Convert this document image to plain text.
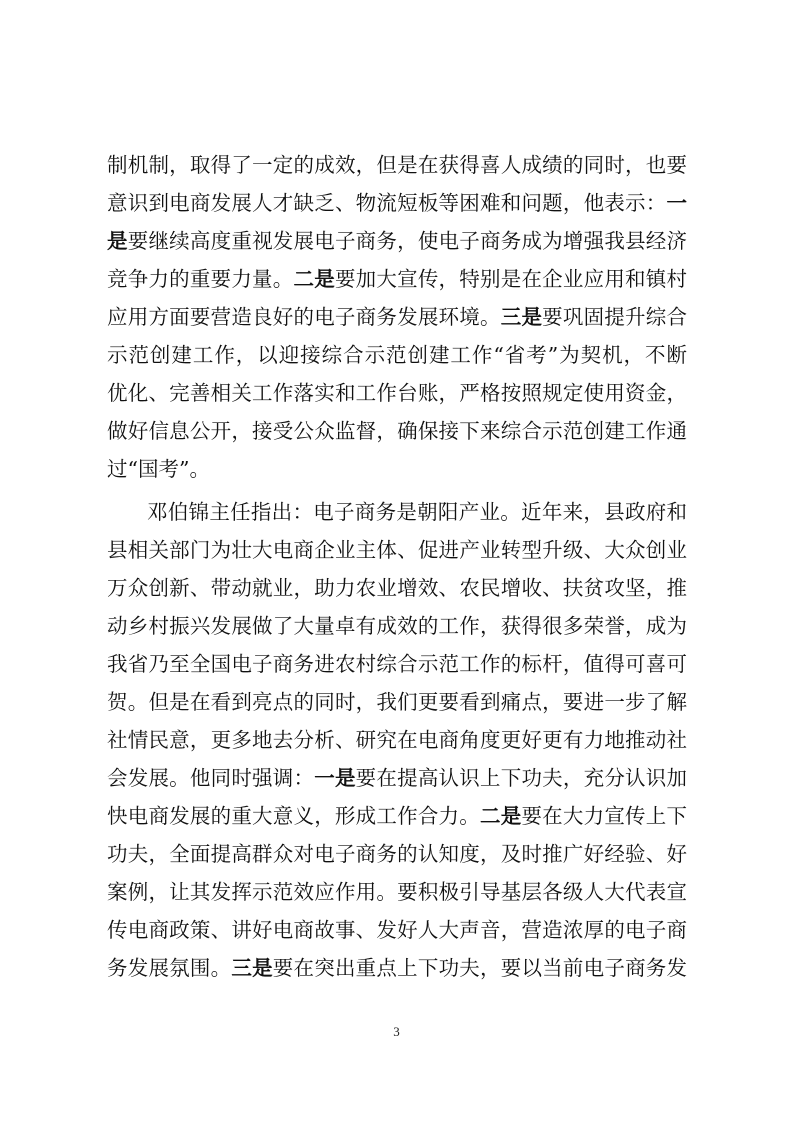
制机制，取得了一定的成效，但是在获得喜人成绩的同时，也要
意识到电商发展人才缺乏、物流短板等困难和问题，他表示：一
是要继续高度重视发展电子商务，使电子商务成为增强我县经济
竞争力的重要力量。二是要加大宣传，特别是在企业应用和镇村
应用方面要营造良好的电子商务发展环境。三是要巩固提升综合
示范创建工作，以迎接综合示范创建工作“省考”为契机，不断
优化、完善相关工作落实和工作台账，严格按照规定使用资金，
做好信息公开，接受公众监督，确保接下来综合示范创建工作通
过“国考”。
邓伯锦主任指出：电子商务是朝阳产业。近年来，县政府和
县相关部门为壮大电商企业主体、促进产业转型升级、大众创业
万众创新、带动就业，助力农业增效、农民增收、扶贫攻坚，推
动乡村振兴发展做了大量卓有成效的工作，获得很多荣誉，成为
我省乃至全国电子商务进农村综合示范工作的标杆，值得可喜可
贺。但是在看到亮点的同时，我们更要看到痛点，要进一步了解
社情民意，更多地去分析、研究在电商角度更好更有力地推动社
会发展。他同时强调：一是要在提高认识上下功夫，充分认识加
快电商发展的重大意义，形成工作合力。二是要在大力宣传上下
功夫，全面提高群众对电子商务的认知度，及时推广好经验、好
案例，让其发挥示范效应作用。要积极引导基层各级人大代表宣
传电商政策、讲好电商故事、发好人大声音，营造浓厚的电子商
务发展氛围。三是要在突出重点上下功夫，要以当前电子商务发
3
